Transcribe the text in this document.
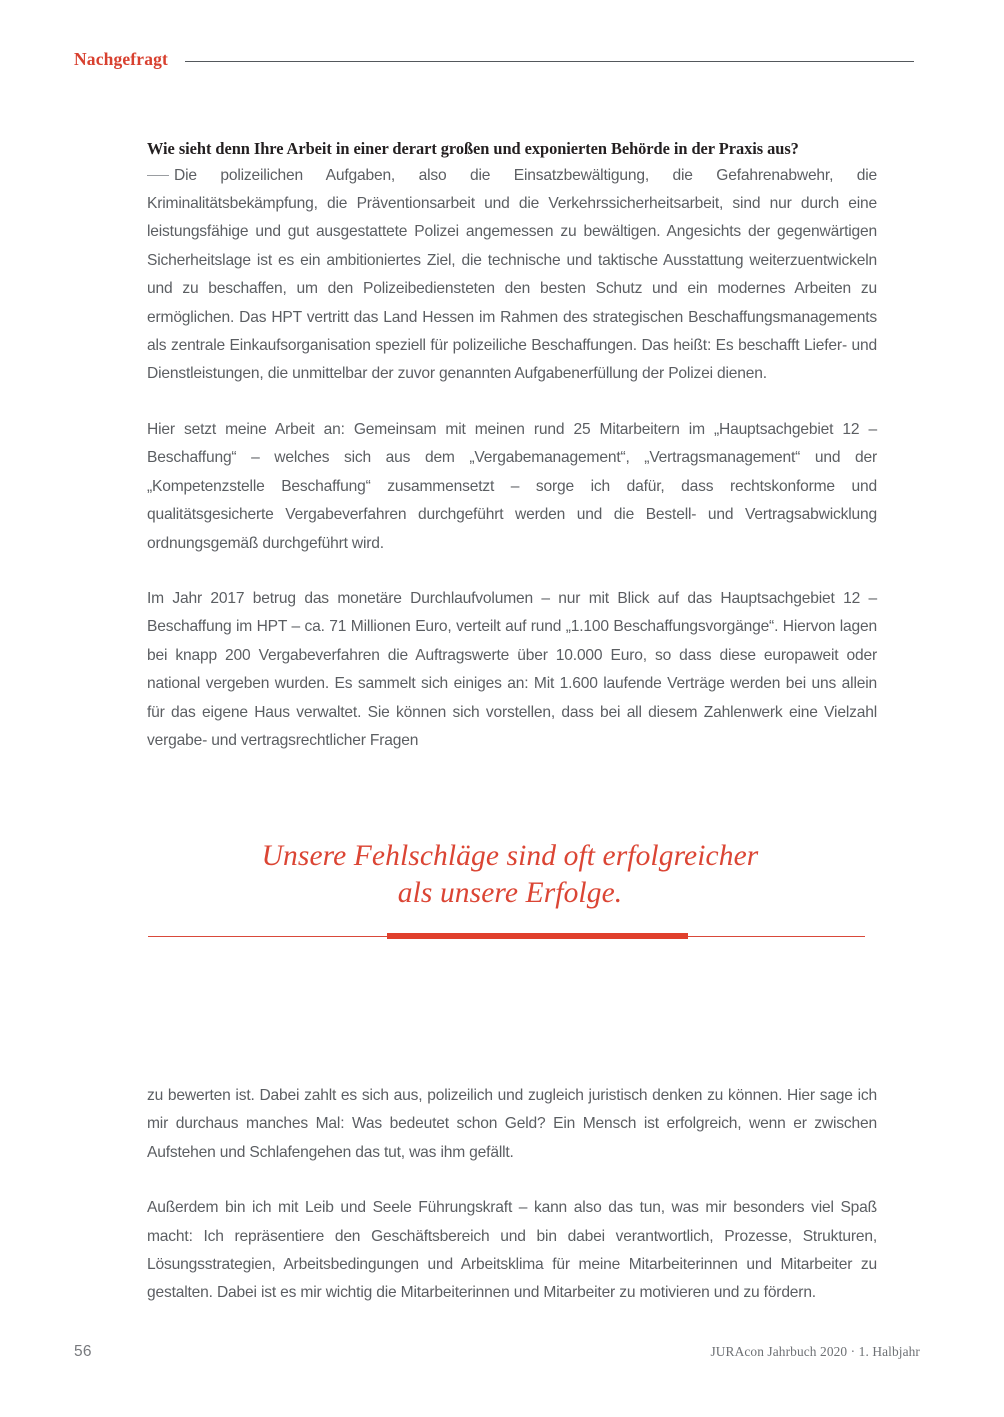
Nachgefragt

Wie sieht denn Ihre Arbeit in einer derart großen und exponierten Behörde in der Praxis aus?

Die polizeilichen Aufgaben, also die Einsatzbewältigung, die Gefahrenabwehr, die Kriminalitätsbekämpfung, die Präventionsarbeit und die Verkehrssicherheitsarbeit, sind nur durch eine leistungsfähige und gut ausgestattete Polizei angemessen zu bewältigen. Angesichts der gegenwärtigen Sicherheitslage ist es ein ambitioniertes Ziel, die technische und taktische Ausstattung weiterzuentwickeln und zu beschaffen, um den Polizeibediensteten den besten Schutz und ein modernes Arbeiten zu ermöglichen. Das HPT vertritt das Land Hessen im Rahmen des strategischen Beschaffungsmanagements als zentrale Einkaufsorganisation speziell für polizeiliche Beschaffungen. Das heißt: Es beschafft Liefer- und Dienstleistungen, die unmittelbar der zuvor genannten Aufgabenerfüllung der Polizei dienen.

Hier setzt meine Arbeit an: Gemeinsam mit meinen rund 25 Mitarbeitern im „Hauptsachgebiet 12 – Beschaffung“ – welches sich aus dem „Vergabemanagement“, „Vertragsmanagement“ und der „Kompetenzstelle Beschaffung“ zusammensetzt – sorge ich dafür, dass rechtskonforme und qualitätsgesicherte Vergabeverfahren durchgeführt werden und die Bestell- und Vertragsabwicklung ordnungsgemäß durchgeführt wird.

Im Jahr 2017 betrug das monetäre Durchlaufvolumen – nur mit Blick auf das Hauptsachgebiet 12 – Beschaffung im HPT – ca. 71 Millionen Euro, verteilt auf rund „1.100 Beschaffungsvorgänge“. Hiervon lagen bei knapp 200 Vergabeverfahren die Auftragswerte über 10.000 Euro, so dass diese europaweit oder national vergeben wurden. Es sammelt sich einiges an: Mit 1.600 laufende Verträge werden bei uns allein für das eigene Haus verwaltet. Sie können sich vorstellen, dass bei all diesem Zahlenwerk eine Vielzahl vergabe- und vertragsrechtlicher Fragen

Unsere Fehlschläge sind oft erfolgreicher
als unsere Erfolge.

zu bewerten ist. Dabei zahlt es sich aus, polizeilich und zugleich juristisch denken zu können. Hier sage ich mir durchaus manches Mal: Was bedeutet schon Geld? Ein Mensch ist erfolgreich, wenn er zwischen Aufstehen und Schlafengehen das tut, was ihm gefällt.

Außerdem bin ich mit Leib und Seele Führungskraft – kann also das tun, was mir besonders viel Spaß macht: Ich repräsentiere den Geschäftsbereich und bin dabei verantwortlich, Prozesse, Strukturen, Lösungsstrategien, Arbeitsbedingungen und Arbeitsklima für meine Mitarbeiterinnen und Mitarbeiter zu gestalten. Dabei ist es mir wichtig die Mitarbeiterinnen und Mitarbeiter zu motivieren und zu fördern.

56	JURAcon Jahrbuch 2020 · 1. Halbjahr
